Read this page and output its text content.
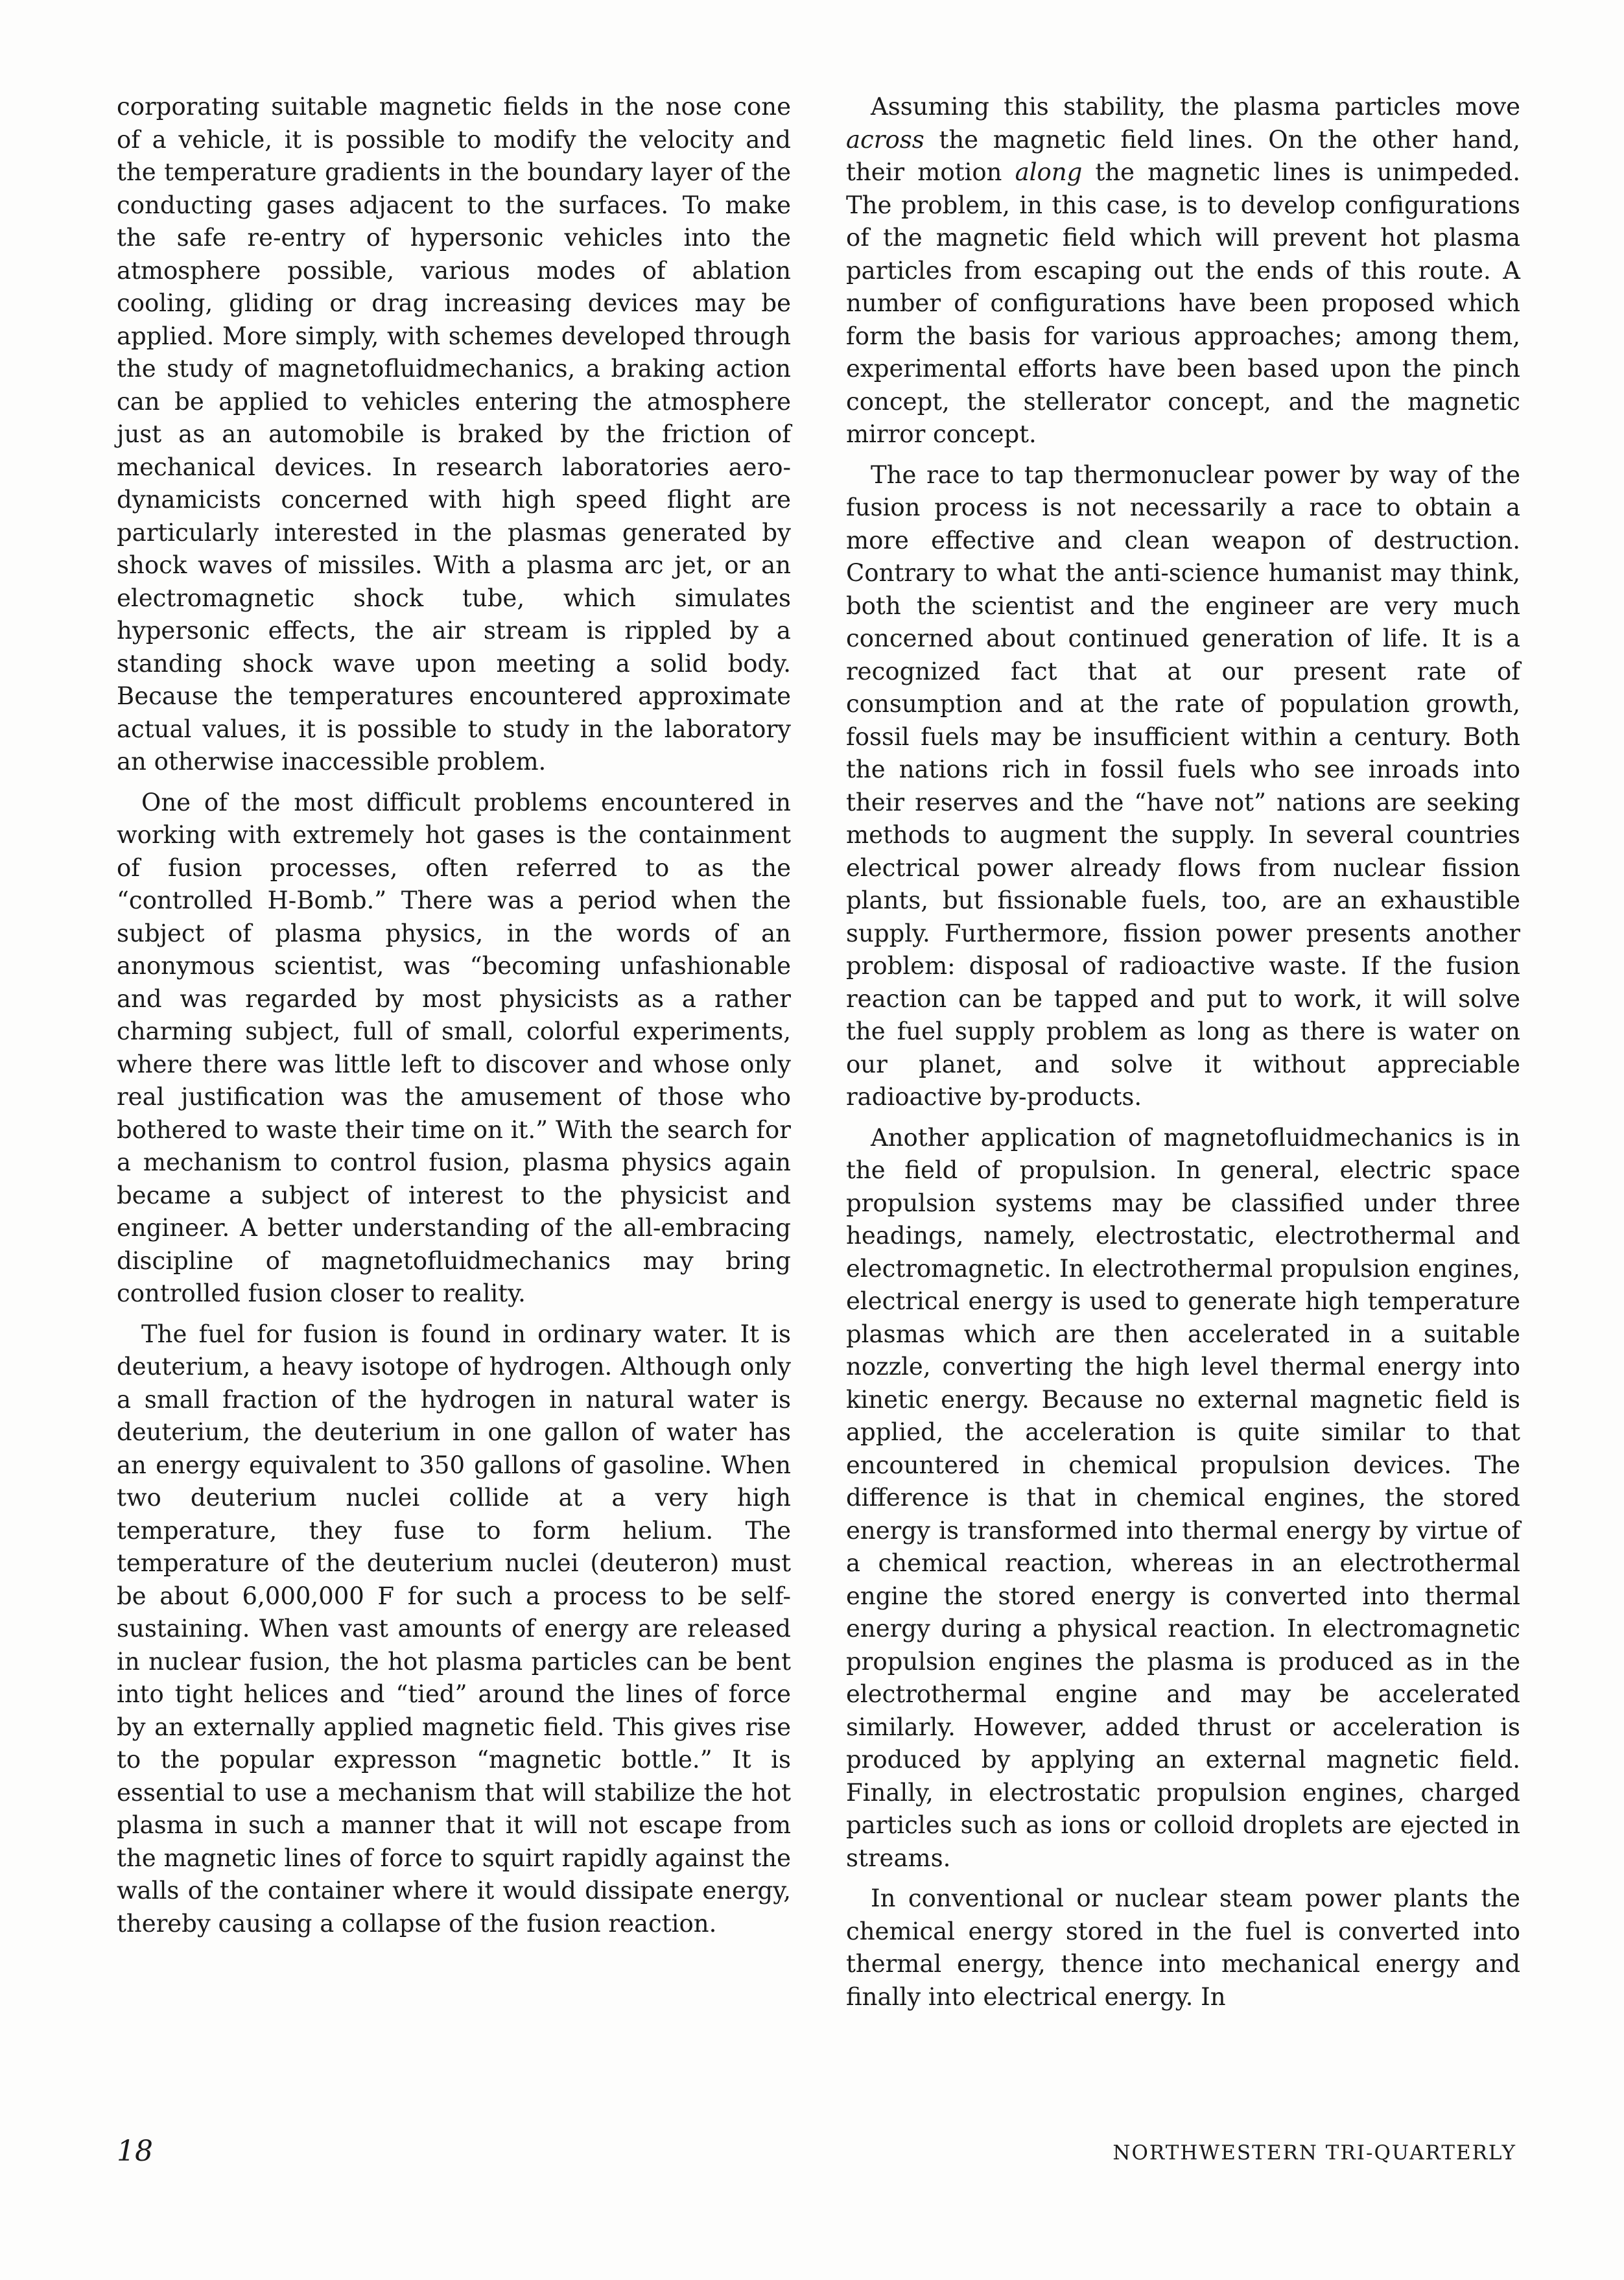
corporating suitable magnetic fields in the nose cone of a vehicle, it is possible to modify the velocity and the temperature gradients in the boundary layer of the conducting gases adjacent to the surfaces. To make the safe re-entry of hypersonic vehicles into the atmosphere possible, various modes of ablation cooling, gliding or drag increasing devices may be applied. More simply, with schemes developed through the study of magnetofluidmechanics, a braking action can be applied to vehicles entering the atmosphere just as an automobile is braked by the friction of mechanical devices. In research laboratories aerodynamicists concerned with high speed flight are particularly interested in the plasmas generated by shock waves of missiles. With a plasma arc jet, or an electromagnetic shock tube, which simulates hypersonic effects, the air stream is rippled by a standing shock wave upon meeting a solid body. Because the temperatures encountered approximate actual values, it is possible to study in the laboratory an otherwise inaccessible problem.

One of the most difficult problems encountered in working with extremely hot gases is the containment of fusion processes, often referred to as the “controlled H-Bomb.” There was a period when the subject of plasma physics, in the words of an anonymous scientist, was “becoming unfashionable and was regarded by most physicists as a rather charming subject, full of small, colorful experiments, where there was little left to discover and whose only real justification was the amusement of those who bothered to waste their time on it.” With the search for a mechanism to control fusion, plasma physics again became a subject of interest to the physicist and engineer. A better understanding of the all-embracing discipline of magnetofluidmechanics may bring controlled fusion closer to reality.

The fuel for fusion is found in ordinary water. It is deuterium, a heavy isotope of hydrogen. Although only a small fraction of the hydrogen in natural water is deuterium, the deuterium in one gallon of water has an energy equivalent to 350 gallons of gasoline. When two deuterium nuclei collide at a very high temperature, they fuse to form helium. The temperature of the deuterium nuclei (deuteron) must be about 6,000,000 F for such a process to be self-sustaining. When vast amounts of energy are released in nuclear fusion, the hot plasma particles can be bent into tight helices and “tied” around the lines of force by an externally applied magnetic field. This gives rise to the popular expresson “magnetic bottle.” It is essential to use a mechanism that will stabilize the hot plasma in such a manner that it will not escape from the magnetic lines of force to squirt rapidly against the walls of the container where it would dissipate energy, thereby causing a collapse of the fusion reaction.

Assuming this stability, the plasma particles move across the magnetic field lines. On the other hand, their motion along the magnetic lines is unimpeded. The problem, in this case, is to develop configurations of the magnetic field which will prevent hot plasma particles from escaping out the ends of this route. A number of configurations have been proposed which form the basis for various approaches; among them, experimental efforts have been based upon the pinch concept, the stellerator concept, and the magnetic mirror concept.

The race to tap thermonuclear power by way of the fusion process is not necessarily a race to obtain a more effective and clean weapon of destruction. Contrary to what the anti-science humanist may think, both the scientist and the engineer are very much concerned about continued generation of life. It is a recognized fact that at our present rate of consumption and at the rate of population growth, fossil fuels may be insufficient within a century. Both the nations rich in fossil fuels who see inroads into their reserves and the “have not” nations are seeking methods to augment the supply. In several countries electrical power already flows from nuclear fission plants, but fissionable fuels, too, are an exhaustible supply. Furthermore, fission power presents another problem: disposal of radioactive waste. If the fusion reaction can be tapped and put to work, it will solve the fuel supply problem as long as there is water on our planet, and solve it without appreciable radioactive by-products.

Another application of magnetofluidmechanics is in the field of propulsion. In general, electric space propulsion systems may be classified under three headings, namely, electrostatic, electrothermal and electromagnetic. In electrothermal propulsion engines, electrical energy is used to generate high temperature plasmas which are then accelerated in a suitable nozzle, converting the high level thermal energy into kinetic energy. Because no external magnetic field is applied, the acceleration is quite similar to that encountered in chemical propulsion devices. The difference is that in chemical engines, the stored energy is transformed into thermal energy by virtue of a chemical reaction, whereas in an electrothermal engine the stored energy is converted into thermal energy during a physical reaction. In electromagnetic propulsion engines the plasma is produced as in the electrothermal engine and may be accelerated similarly. However, added thrust or acceleration is produced by applying an external magnetic field. Finally, in electrostatic propulsion engines, charged particles such as ions or colloid droplets are ejected in streams.

In conventional or nuclear steam power plants the chemical energy stored in the fuel is converted into thermal energy, thence into mechanical energy and finally into electrical energy. In

18	NORTHWESTERN TRI-QUARTERLY
